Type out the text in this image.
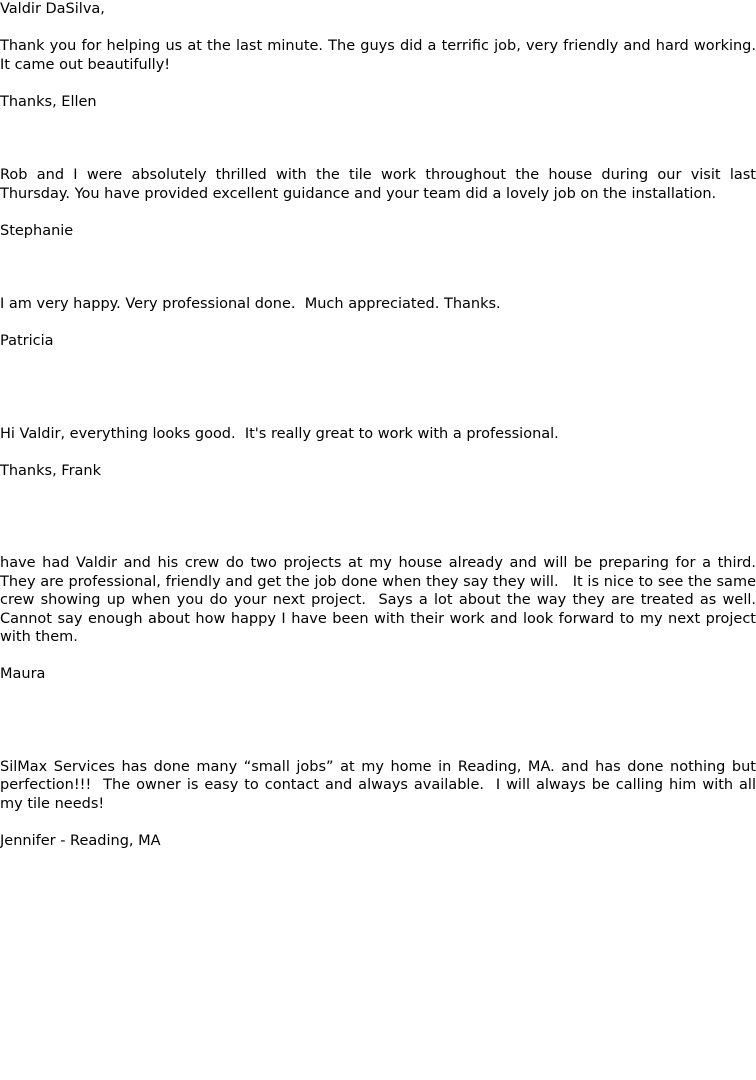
Valdir DaSilva,

Thank you for helping us at the last minute. The guys did a terrific job, very friendly and hard working. It came out beautifully!

Thanks, Ellen

Rob and I were absolutely thrilled with the tile work throughout the house during our visit last Thursday. You have provided excellent guidance and your team did a lovely job on the installation.

Stephanie

I am very happy. Very professional done.  Much appreciated. Thanks.

Patricia

Hi Valdir, everything looks good.  It's really great to work with a professional.

Thanks, Frank

have had Valdir and his crew do two projects at my house already and will be preparing for a third. They are professional, friendly and get the job done when they say they will.   It is nice to see the same crew showing up when you do your next project.  Says a lot about the way they are treated as well. Cannot say enough about how happy I have been with their work and look forward to my next project with them.

Maura

SilMax Services has done many “small jobs” at my home in Reading, MA. and has done nothing but perfection!!!  The owner is easy to contact and always available.  I will always be calling him with all my tile needs!

Jennifer - Reading, MA
